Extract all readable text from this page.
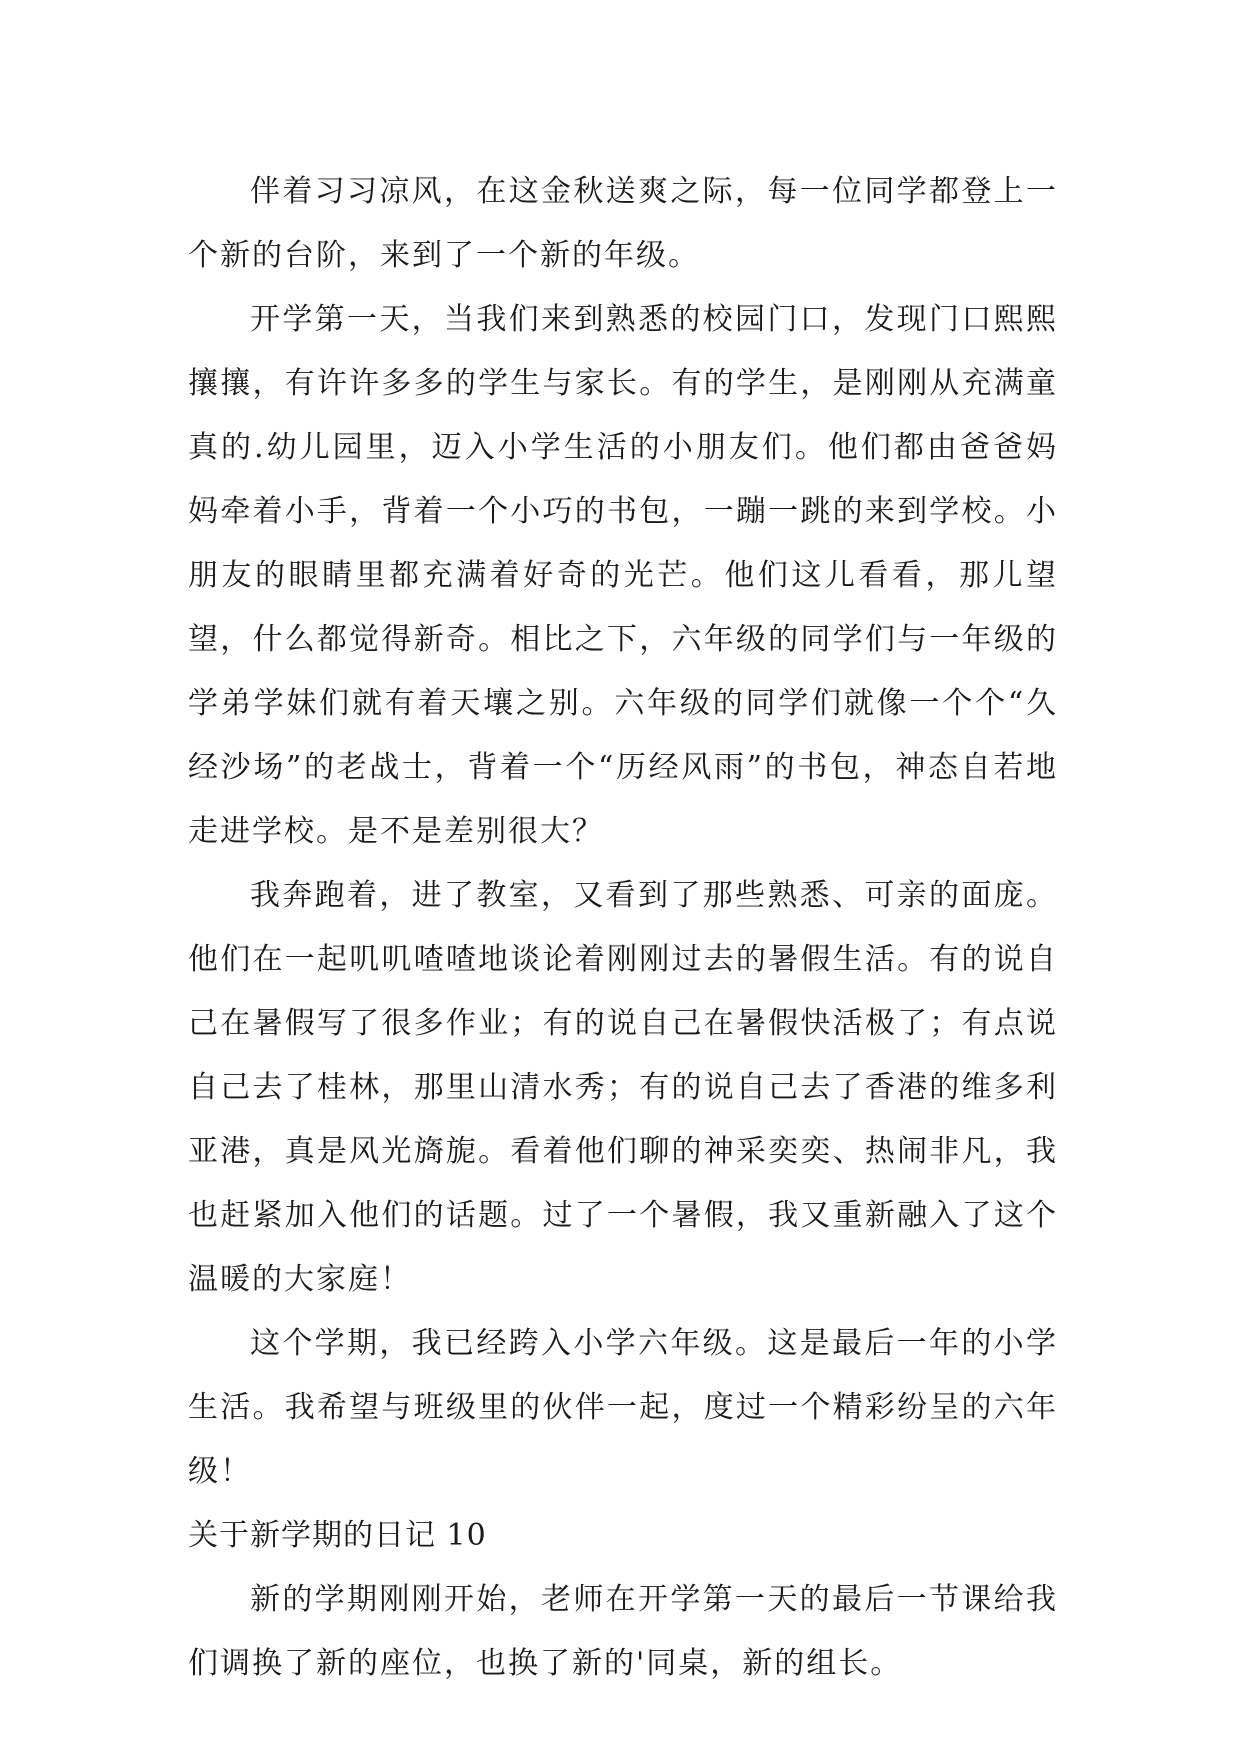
伴着习习凉风，在这金秋送爽之际，每一位同学都登上一个新的台阶，来到了一个新的年级。

开学第一天，当我们来到熟悉的校园门口，发现门口熙熙攘攘，有许许多多的学生与家长。有的学生，是刚刚从充满童真的.幼儿园里，迈入小学生活的小朋友们。他们都由爸爸妈妈牵着小手，背着一个小巧的书包，一蹦一跳的来到学校。小朋友的眼睛里都充满着好奇的光芒。他们这儿看看，那儿望望，什么都觉得新奇。相比之下，六年级的同学们与一年级的学弟学妹们就有着天壤之别。六年级的同学们就像一个个“久经沙场”的老战士，背着一个“历经风雨”的书包，神态自若地走进学校。是不是差别很大？

我奔跑着，进了教室，又看到了那些熟悉、可亲的面庞。他们在一起叽叽喳喳地谈论着刚刚过去的暑假生活。有的说自己在暑假写了很多作业；有的说自己在暑假快活极了；有点说自己去了桂林，那里山清水秀；有的说自己去了香港的维多利亚港，真是风光旖旎。看着他们聊的神采奕奕、热闹非凡，我也赶紧加入他们的话题。过了一个暑假，我又重新融入了这个温暖的大家庭！

这个学期，我已经跨入小学六年级。这是最后一年的小学生活。我希望与班级里的伙伴一起，度过一个精彩纷呈的六年级！

关于新学期的日记 10

新的学期刚刚开始，老师在开学第一天的最后一节课给我们调换了新的座位，也换了新的'同桌，新的组长。
